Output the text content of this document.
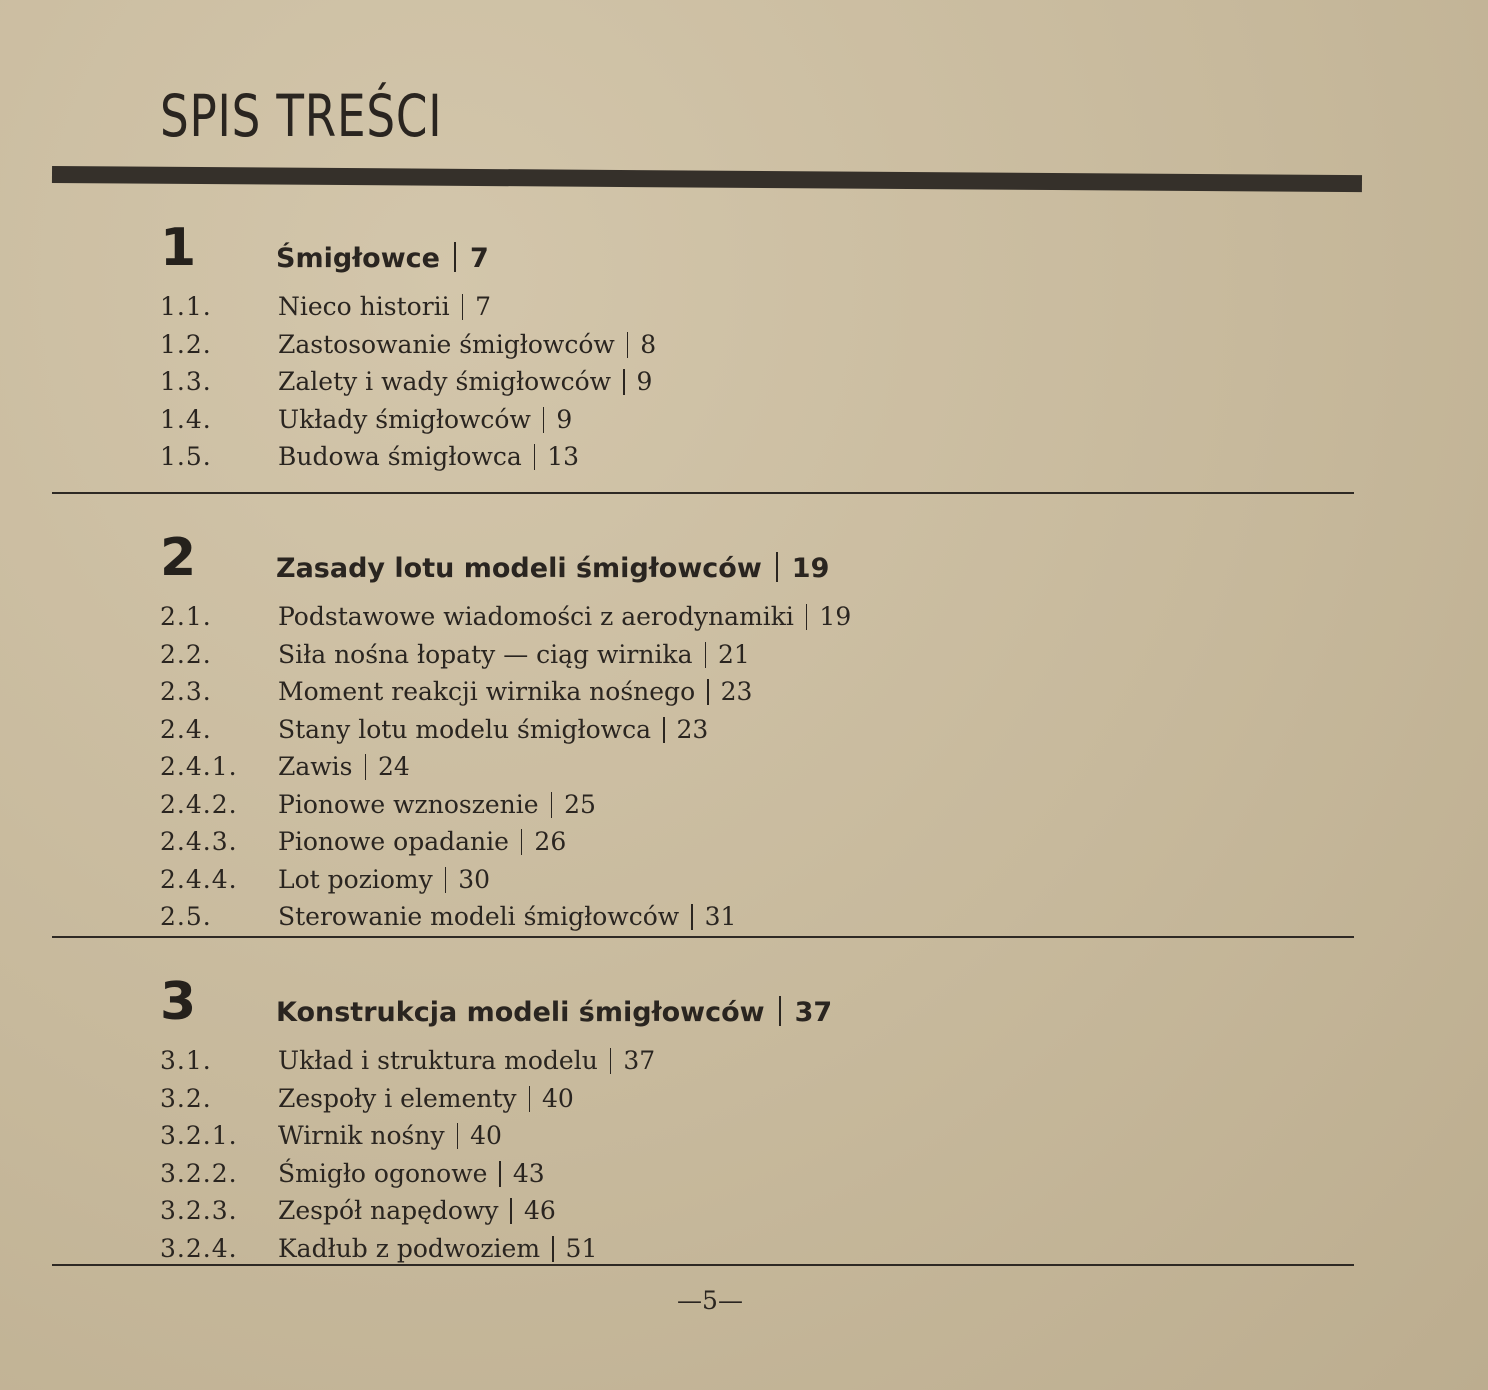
SPIS TREŚCI
1	Śmigłowce 7
1.1.	Nieco historii 7
1.2.	Zastosowanie śmigłowców 8
1.3.	Zalety i wady śmigłowców 9
1.4.	Układy śmigłowców 9
1.5.	Budowa śmigłowca 13
2	Zasady lotu modeli śmigłowców 19
2.1.	Podstawowe wiadomości z aerodynamiki 19
2.2.	Siła nośna łopaty — ciąg wirnika 21
2.3.	Moment reakcji wirnika nośnego 23
2.4.	Stany lotu modelu śmigłowca 23
2.4.1. Zawis 24
2.4.2. Pionowe wznoszenie 25
2.4.3. Pionowe opadanie 26
2.4.4. Lot poziomy 30
2.5.	Sterowanie modeli śmigłowców 31
3	Konstrukcja modeli śmigłowców 37
3.1.	Układ i struktura modelu 37
3.2.	Zespoły i elementy 40
3.2.1. Wirnik nośny 40
3.2.2. Śmigło ogonowe 43
3.2.3. Zespół napędowy 46
3.2.4. Kadłub z podwoziem 51
—5—
